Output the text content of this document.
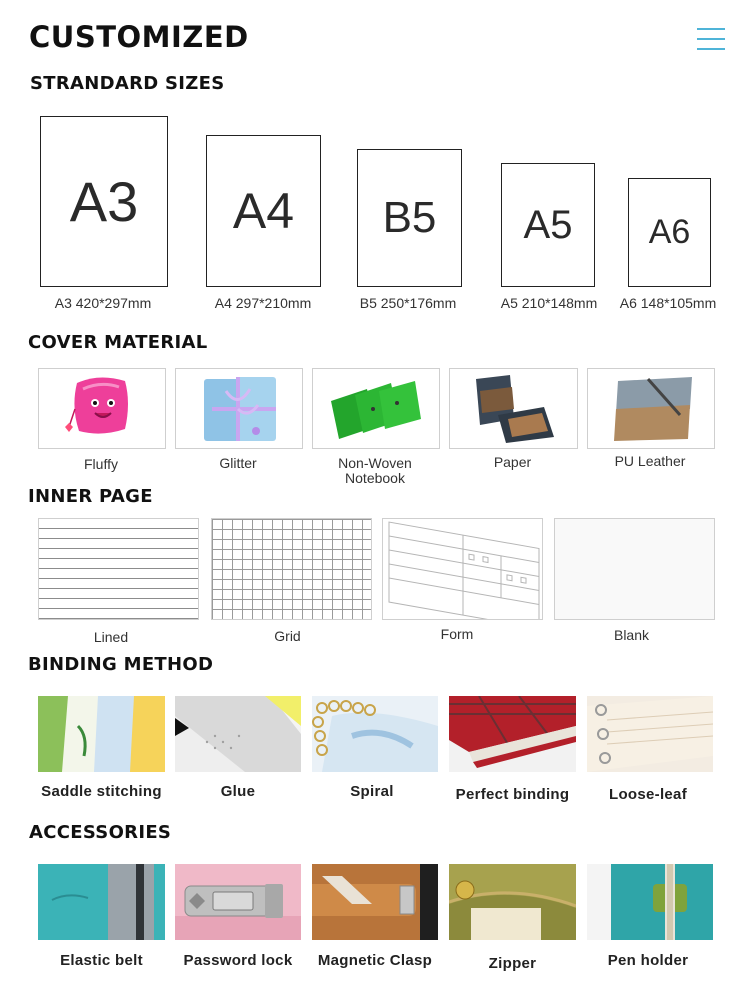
CUSTOMIZED
STRANDARD SIZES
A3 A4 B5 A5 A6
A3 420*297mm	A4 297*210mm	B5 250*176mm	A5 210*148mm	A6 148*105mm
COVER MATERIAL
Fluffy	Glitter	Non-Woven
Notebook
Paper	PU Leather
INNER PAGE
Lined	Grid	Form	Blank
BINDING METHOD
Saddle stitching	Glue	Spiral	Perfect binding	Loose-leaf
ACCESSORIES
Elastic belt	Password lock	Magnetic Clasp	Zipper	Pen holder
